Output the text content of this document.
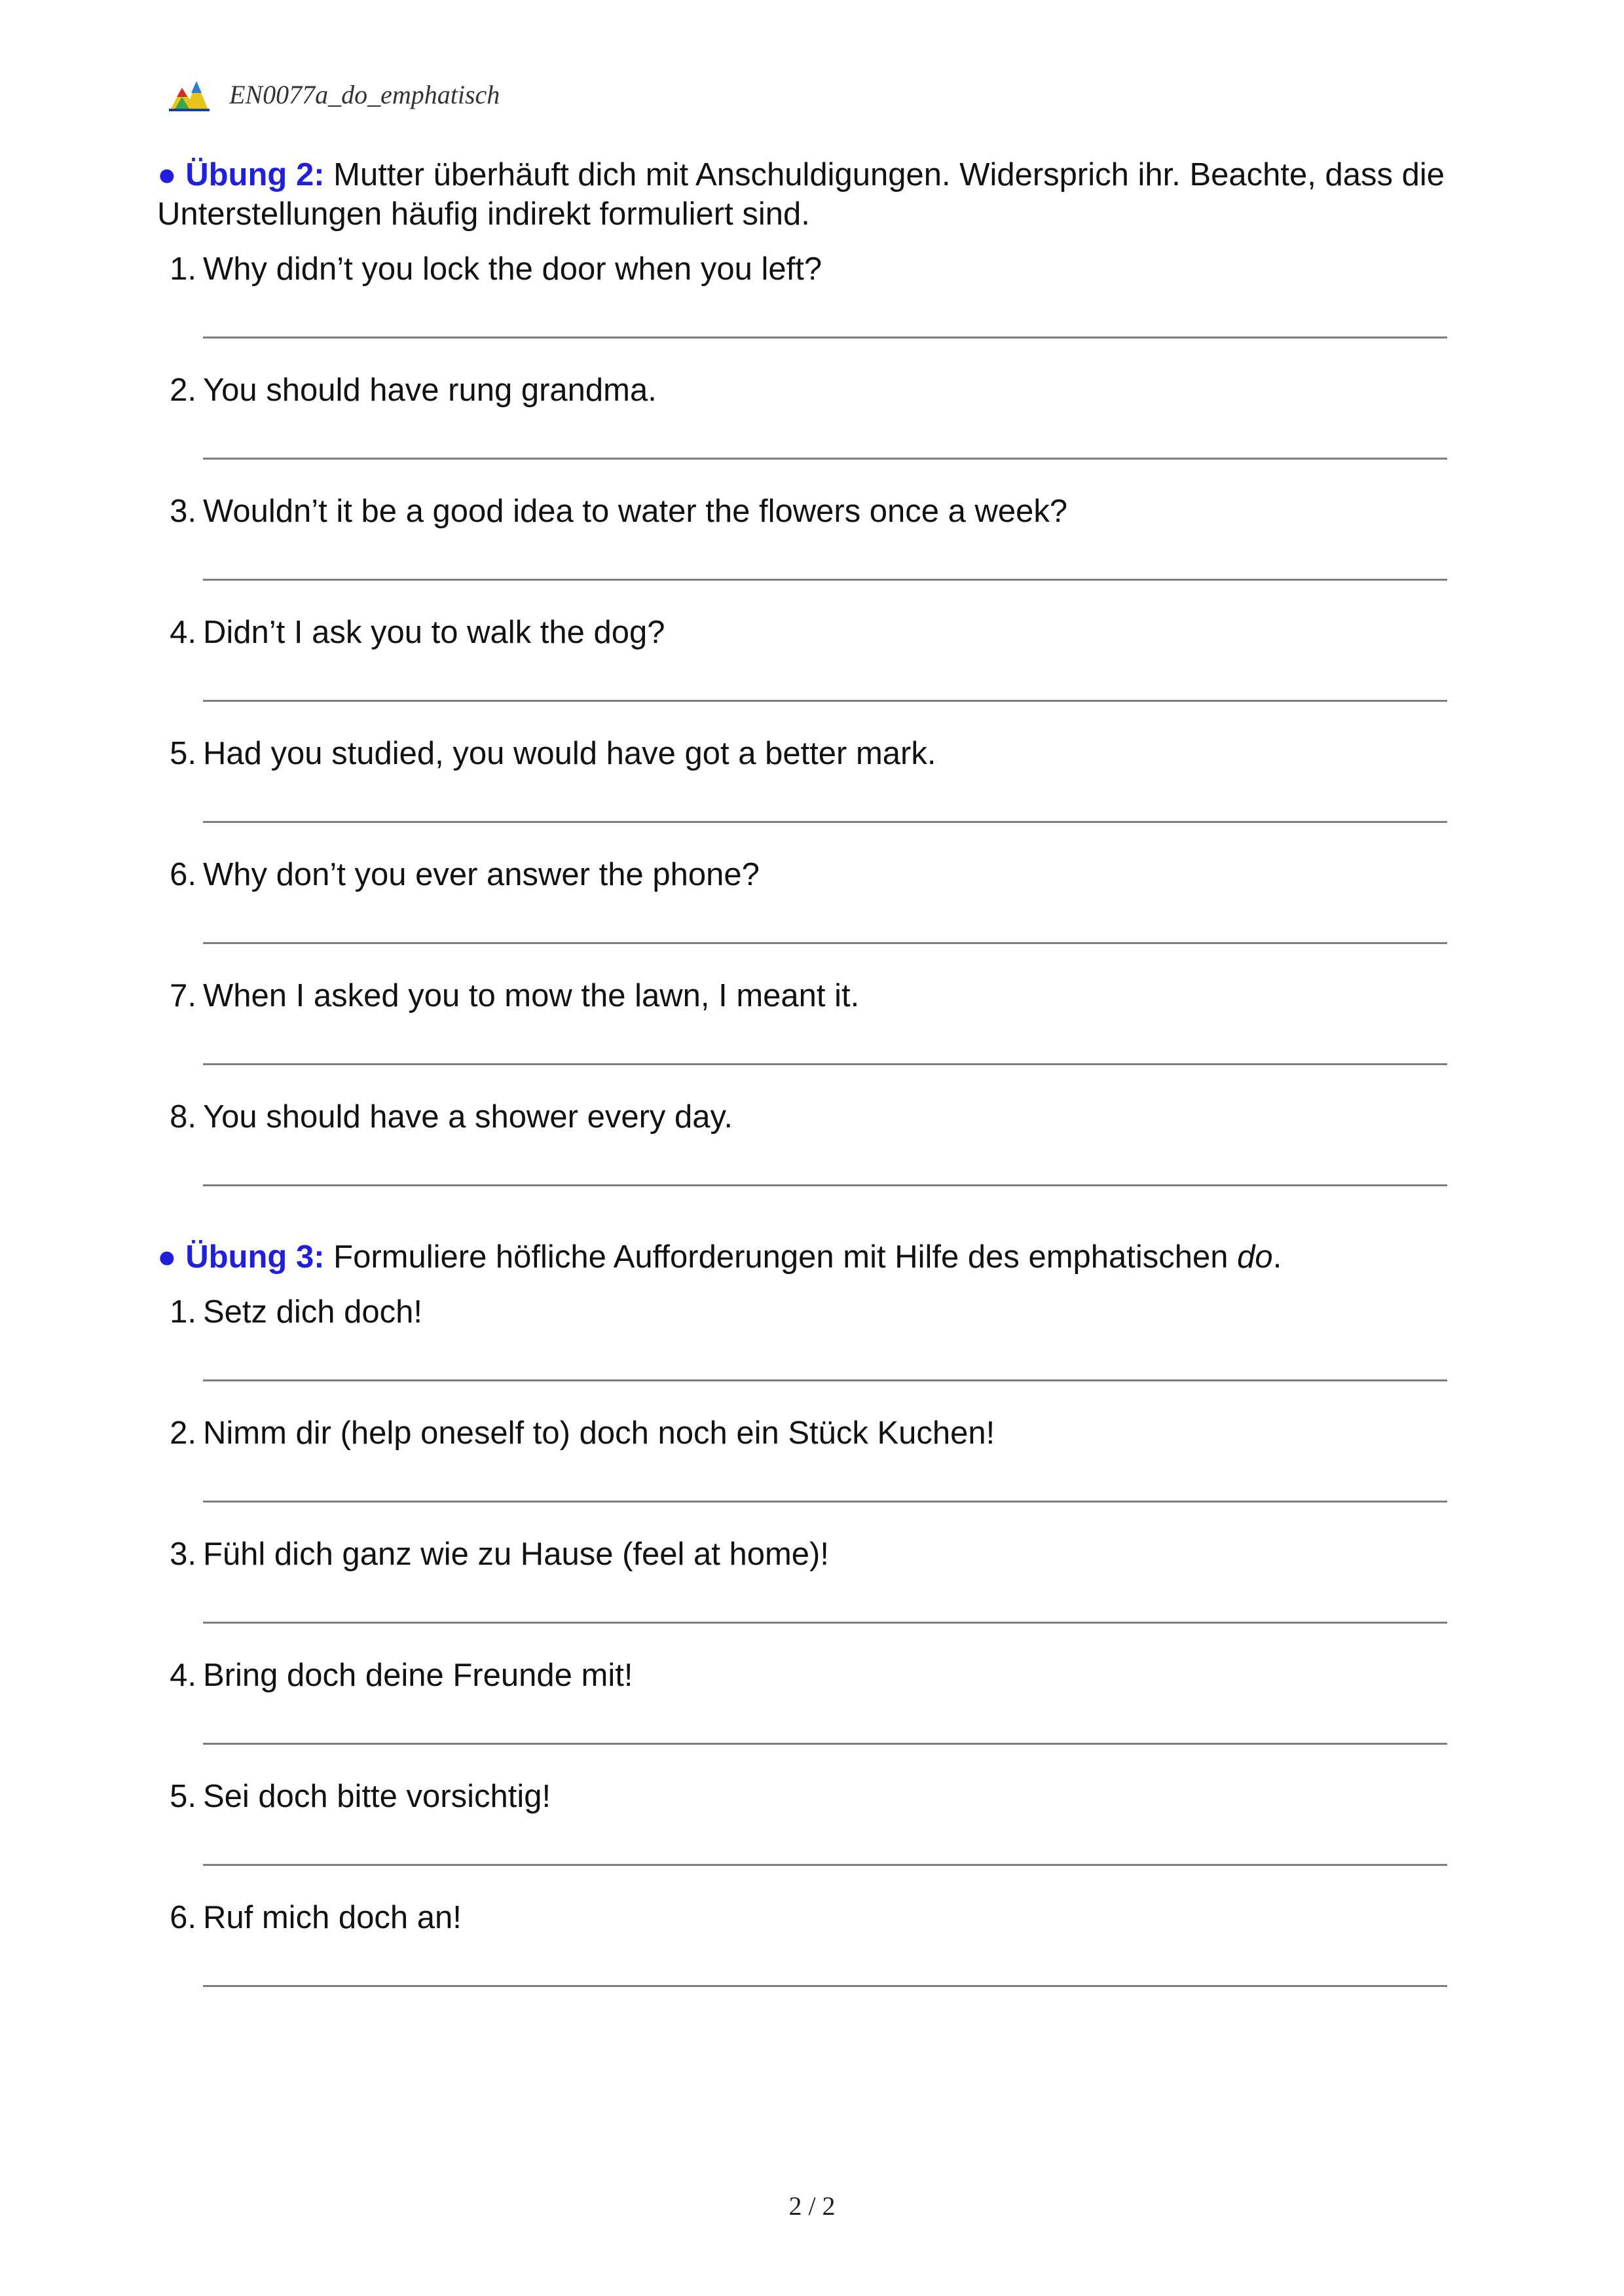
EN0077a_do_emphatisch

● Übung 2: Mutter überhäuft dich mit Anschuldigungen. Widersprich ihr. Beachte, dass die Unterstellungen häufig indirekt formuliert sind.

1. Why didn’t you lock the door when you left?
2. You should have rung grandma.
3. Wouldn’t it be a good idea to water the flowers once a week?
4. Didn’t I ask you to walk the dog?
5. Had you studied, you would have got a better mark.
6. Why don’t you ever answer the phone?
7. When I asked you to mow the lawn, I meant it.
8. You should have a shower every day.

● Übung 3: Formuliere höfliche Aufforderungen mit Hilfe des emphatischen do.

1. Setz dich doch!
2. Nimm dir (help oneself to) doch noch ein Stück Kuchen!
3. Fühl dich ganz wie zu Hause (feel at home)!
4. Bring doch deine Freunde mit!
5. Sei doch bitte vorsichtig!
6. Ruf mich doch an!
2 / 2
